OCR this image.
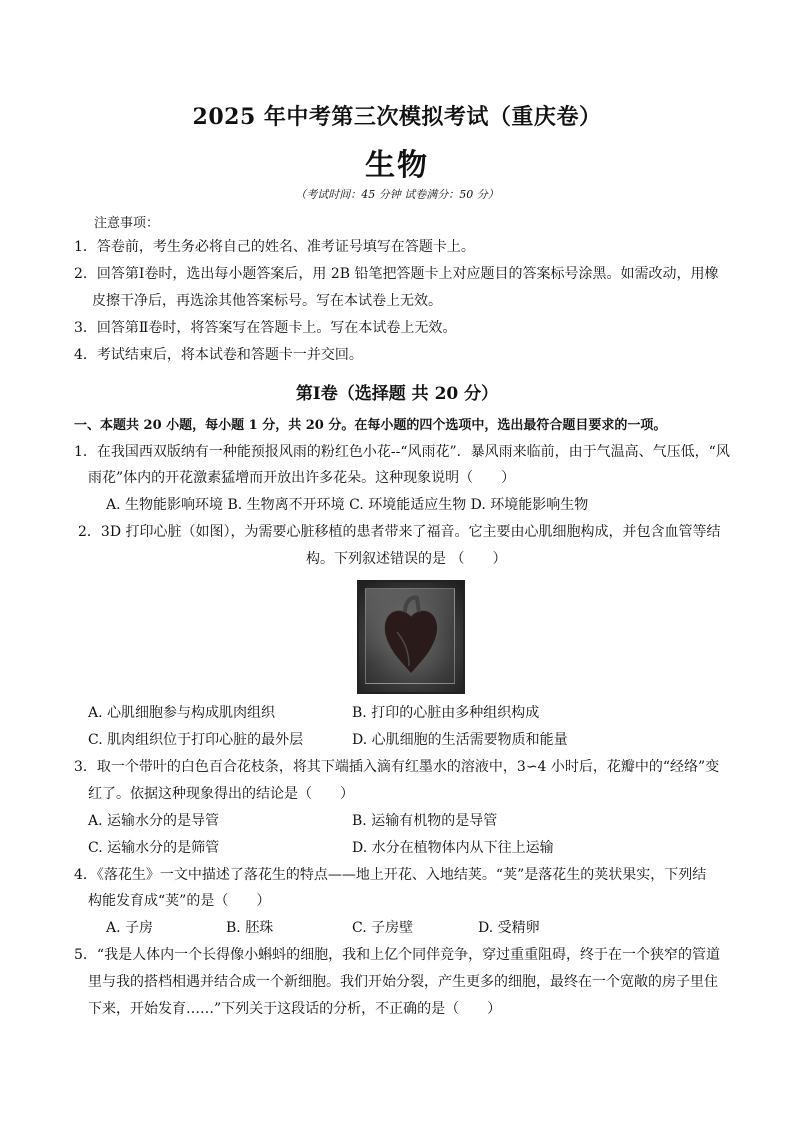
2025 年中考第三次模拟考试（重庆卷）
生物
（考试时间：45 分钟 试卷满分：50 分）
注意事项：
1．答卷前，考生务必将自己的姓名、准考证号填写在答题卡上。
2．回答第Ⅰ卷时，选出每小题答案后，用 2B 铅笔把答题卡上对应题目的答案标号涂黑。如需改动，用橡
皮擦干净后，再选涂其他答案标号。写在本试卷上无效。
3．回答第Ⅱ卷时，将答案写在答题卡上。写在本试卷上无效。
4．考试结束后，将本试卷和答题卡一并交回。
第Ⅰ卷（选择题 共 20 分）
一、本题共 20 小题，每小题 1 分，共 20 分。在每小题的四个选项中，选出最符合题目要求的一项。
1．在我国西双版纳有一种能预报风雨的粉红色小花--“风雨花”．暴风雨来临前，由于气温高、气压低，“风
雨花”体内的开花激素猛增而开放出许多花朵。这种现象说明（　　）
A. 生物能影响环境 B. 生物离不开环境 C. 环境能适应生物 D. 环境能影响生物
2．3D 打印心脏（如图），为需要心脏移植的患者带来了福音。它主要由心肌细胞构成，并包含血管等结
构。下列叙述错误的是 （　　）
A. 心肌细胞参与构成肌肉组织	B. 打印的心脏由多种组织构成
C. 肌肉组织位于打印心脏的最外层	D. 心肌细胞的生活需要物质和能量
3．取一个带叶的白色百合花枝条，将其下端插入滴有红墨水的溶液中，3∽4 小时后，花瓣中的“经络”变
红了。依据这种现象得出的结论是（　　）
A. 运输水分的是导管	B. 运输有机物的是导管
C. 运输水分的是筛管	D. 水分在植物体内从下往上运输
4．《落花生》一文中描述了落花生的特点——地上开花、入地结荚。“荚”是落花生的荚状果实，下列结
构能发育成“荚”的是（　　）
A. 子房	B. 胚珠	C. 子房壁	D. 受精卵
5．“我是人体内一个长得像小蝌蚪的细胞，我和上亿个同伴竞争，穿过重重阻碍，终于在一个狭窄的管道
里与我的搭档相遇并结合成一个新细胞。我们开始分裂，产生更多的细胞，最终在一个宽敞的房子里住
下来，开始发育……”下列关于这段话的分析，不正确的是（　　）
